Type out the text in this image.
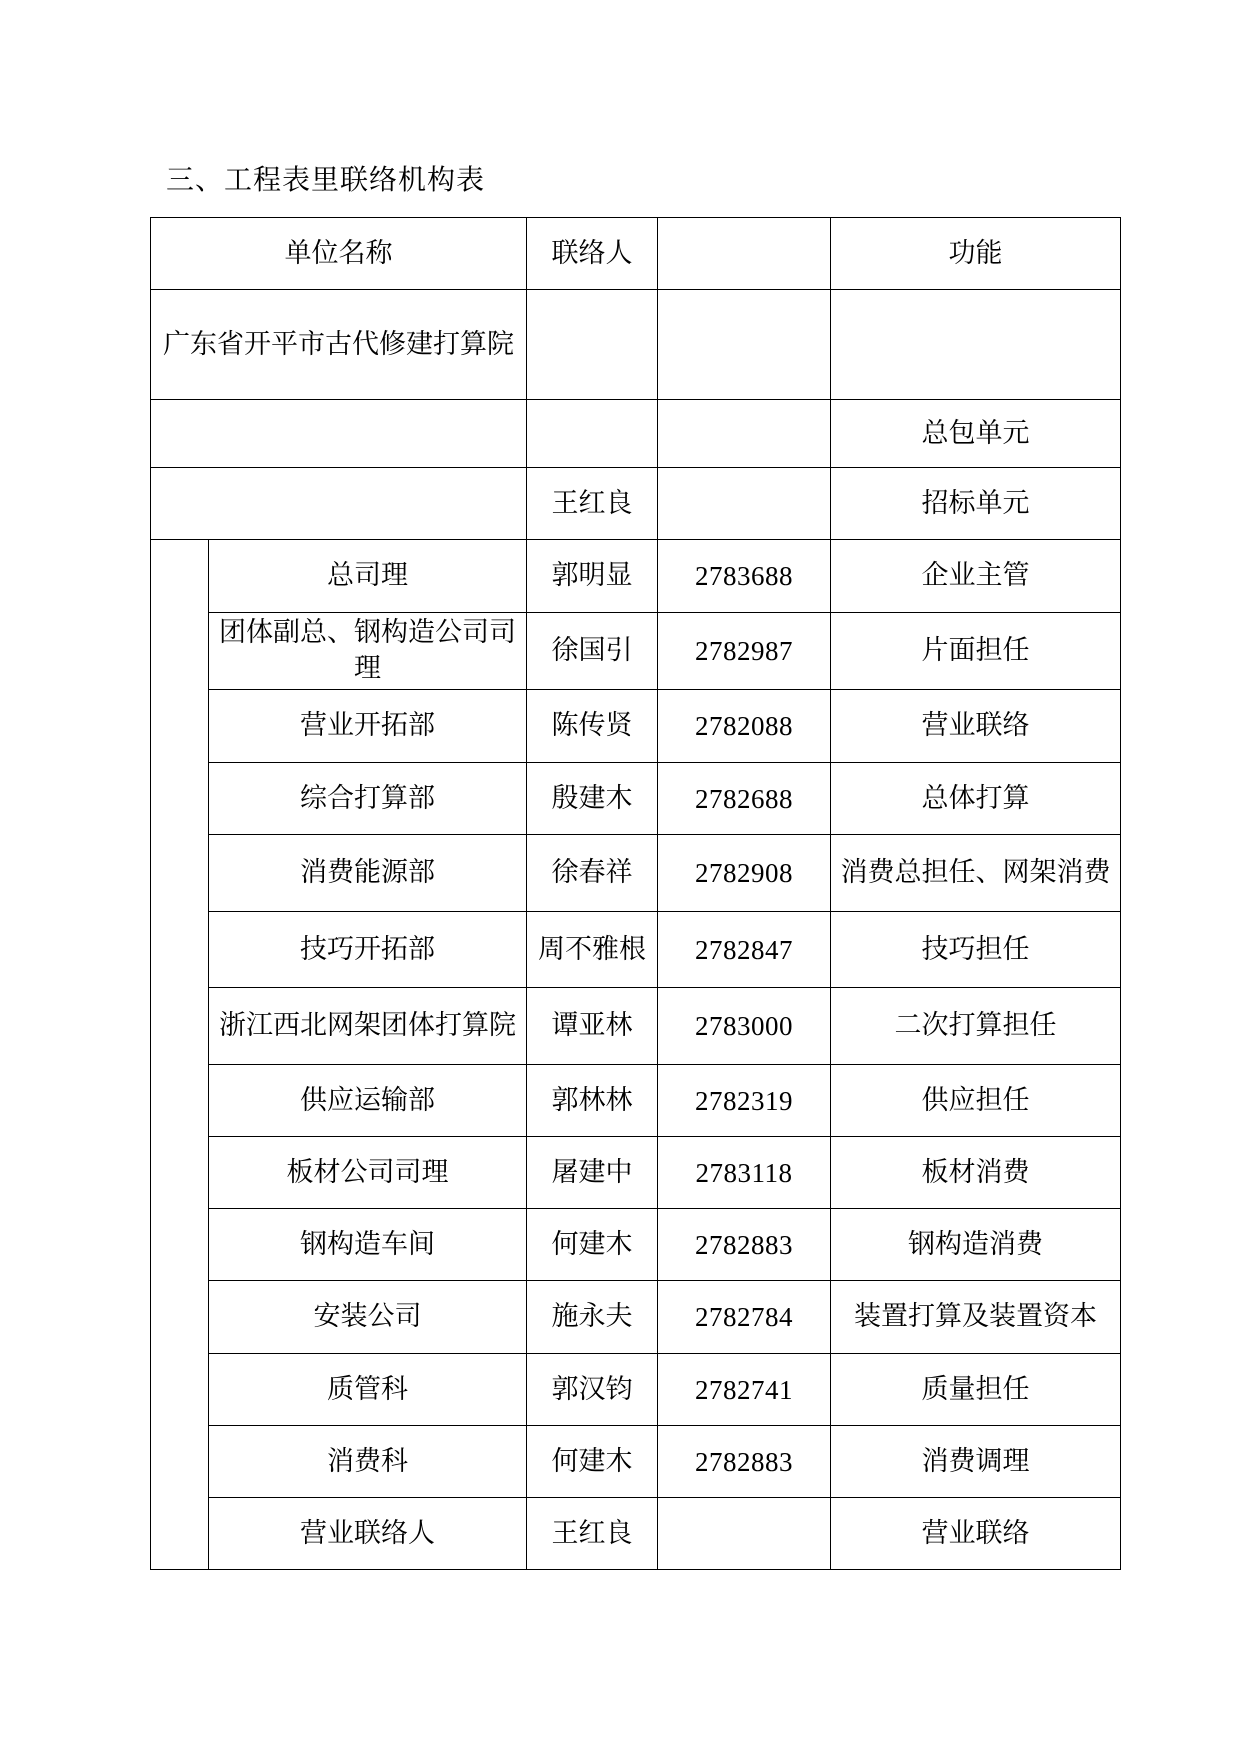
三、工程表里联络机构表
单位名称		联络人		功能
广东省开平市古代修建打算院				
				总包单元
		王红良		招标单元
	总司理	郭明显	2783688	企业主管
	团体副总、钢构造公司司理	徐国引	2782987	片面担任
	营业开拓部	陈传贤	2782088	营业联络
	综合打算部	殷建木	2782688	总体打算
	消费能源部	徐春祥	2782908	消费总担任、网架消费
	技巧开拓部	周不雅根	2782847	技巧担任
	浙江西北网架团体打算院	谭亚林	2783000	二次打算担任
	供应运输部	郭林林	2782319	供应担任
	板材公司司理	屠建中	2783118	板材消费
	钢构造车间	何建木	2782883	钢构造消费
	安装公司	施永夫	2782784	装置打算及装置资本
	质管科	郭汉钧	2782741	质量担任
	消费科	何建木	2782883	消费调理
	营业联络人	王红良		营业联络
